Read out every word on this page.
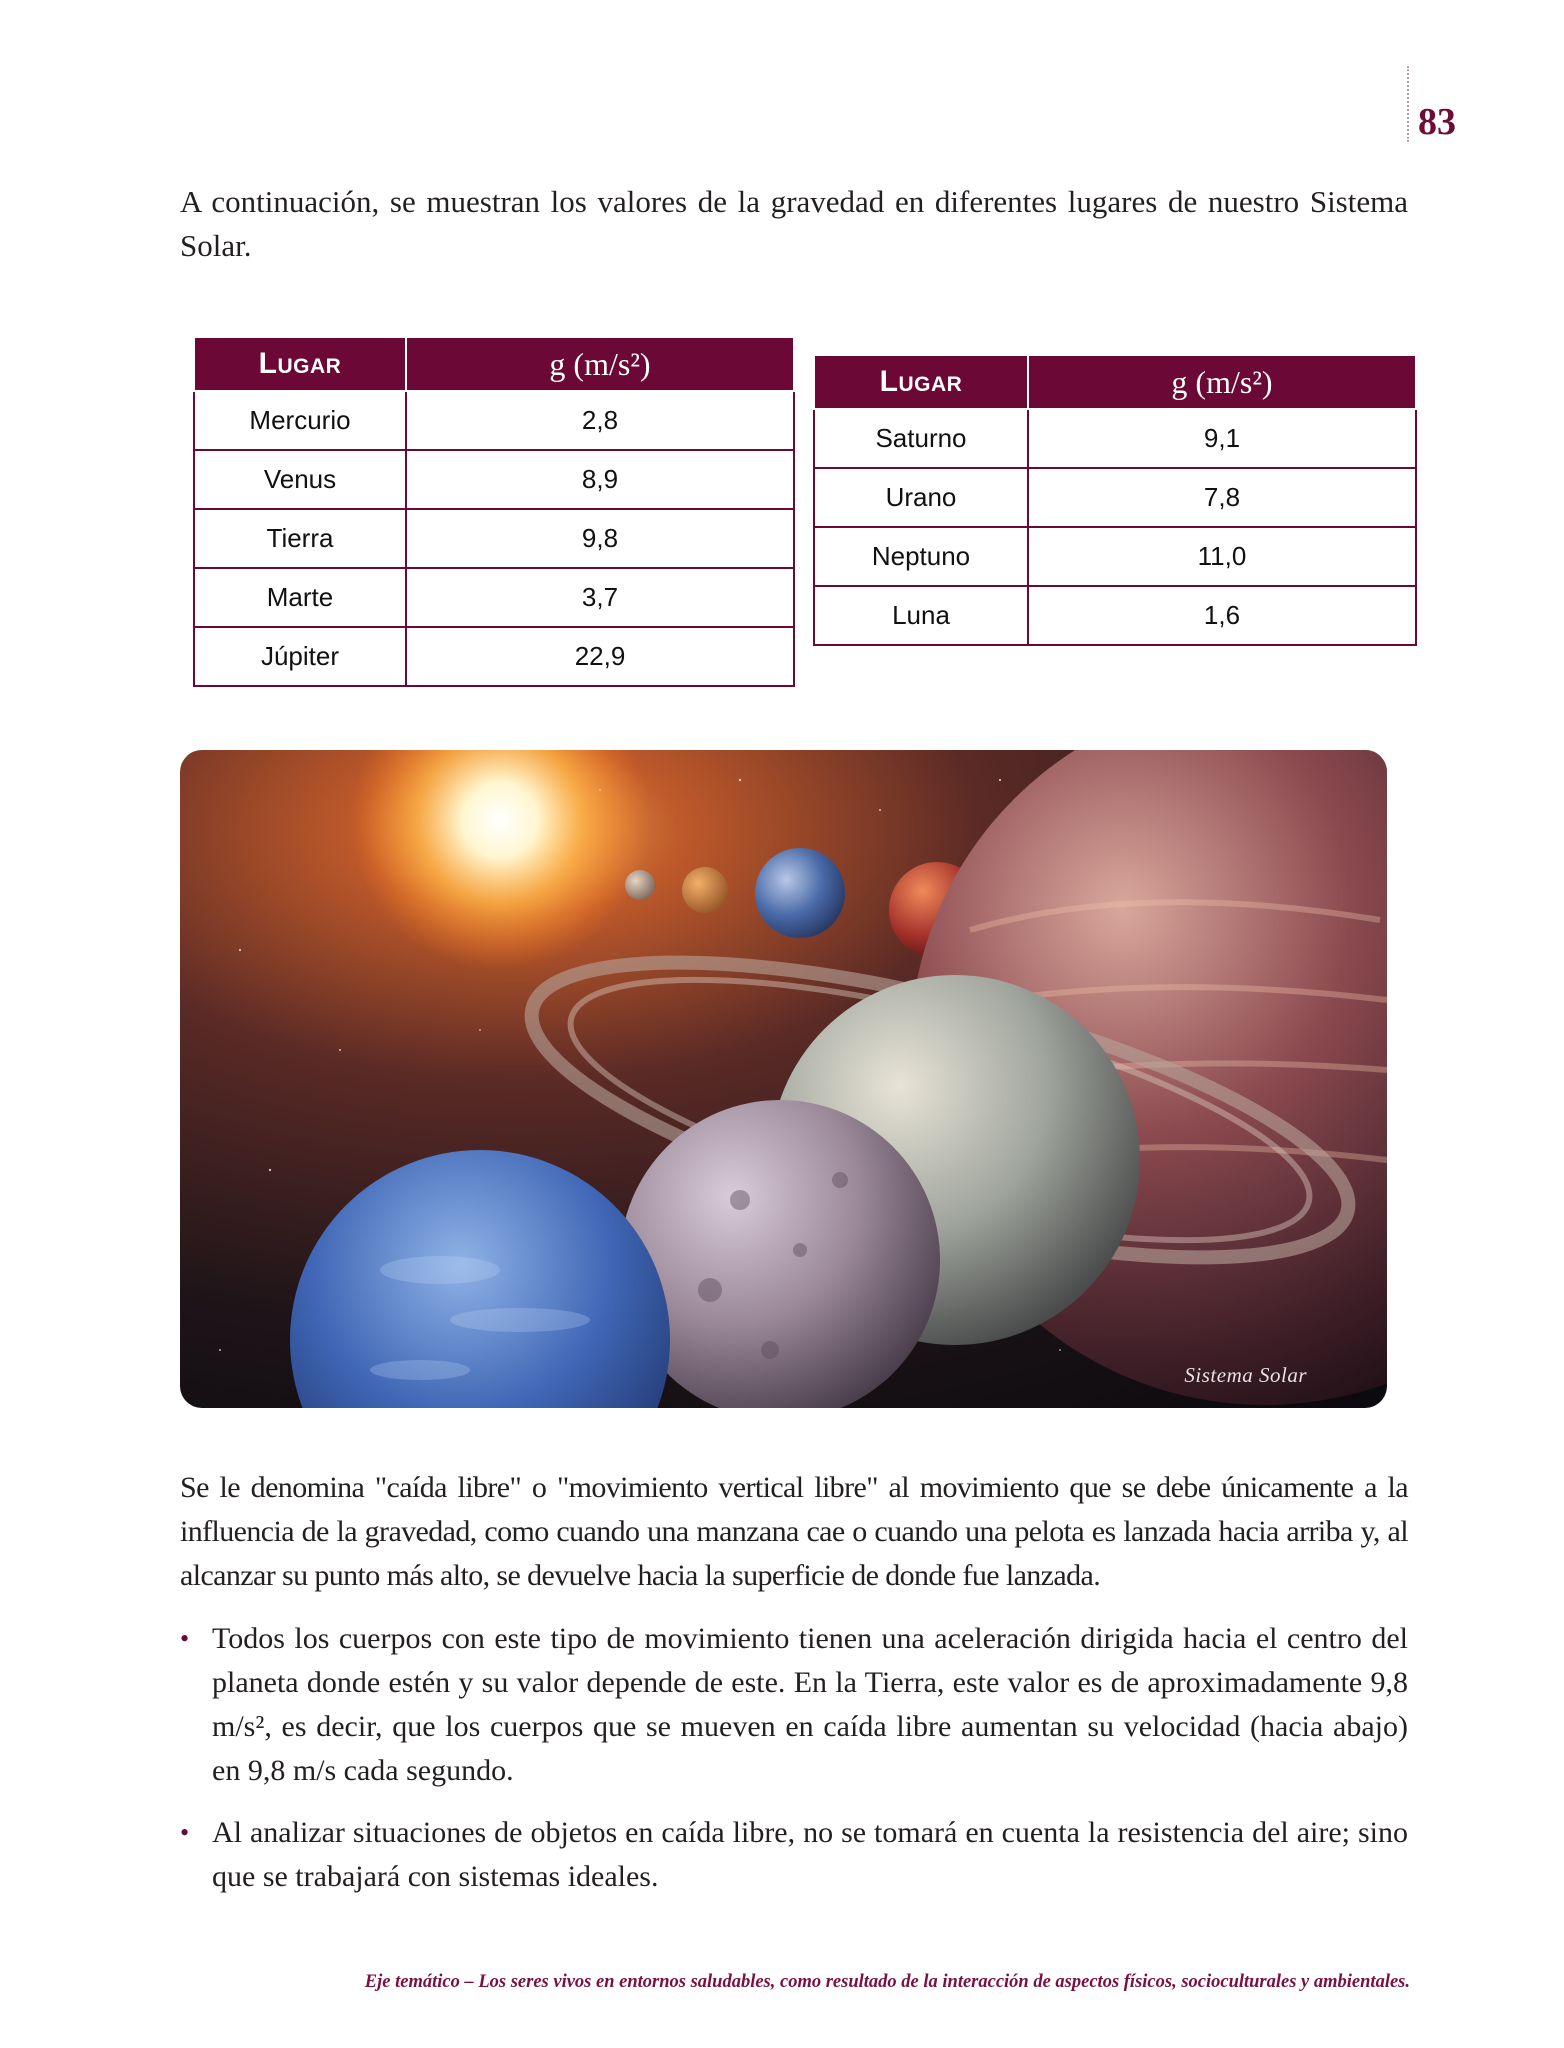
83

A continuación, se muestran los valores de la gravedad en diferentes lugares de nuestro Sistema Solar.

Lugar	g (m/s²)
Mercurio	2,8
Venus	8,9
Tierra	9,8
Marte	3,7
Júpiter	22,9
Lugar	g (m/s²)
Saturno	9,1
Urano	7,8
Neptuno	11,0
Luna	1,6
Sistema Solar

Se le denomina "caída libre" o "movimiento vertical libre" al movimiento que se debe únicamente a la influencia de la gravedad, como cuando una manzana cae o cuando una pelota es lanzada hacia arriba y, al alcanzar su punto más alto, se devuelve hacia la superficie de donde fue lanzada.

• Todos los cuerpos con este tipo de movimiento tienen una aceleración dirigida hacia el centro del planeta donde estén y su valor depende de este. En la Tierra, este valor es de aproximadamente 9,8 m/s², es decir, que los cuerpos que se mueven en caída libre aumentan su velocidad (hacia abajo) en 9,8 m/s cada segundo.
• Al analizar situaciones de objetos en caída libre, no se tomará en cuenta la resistencia del aire; sino que se trabajará con sistemas ideales.
Eje temático – Los seres vivos en entornos saludables, como resultado de la interacción de aspectos físicos, socioculturales y ambientales.
